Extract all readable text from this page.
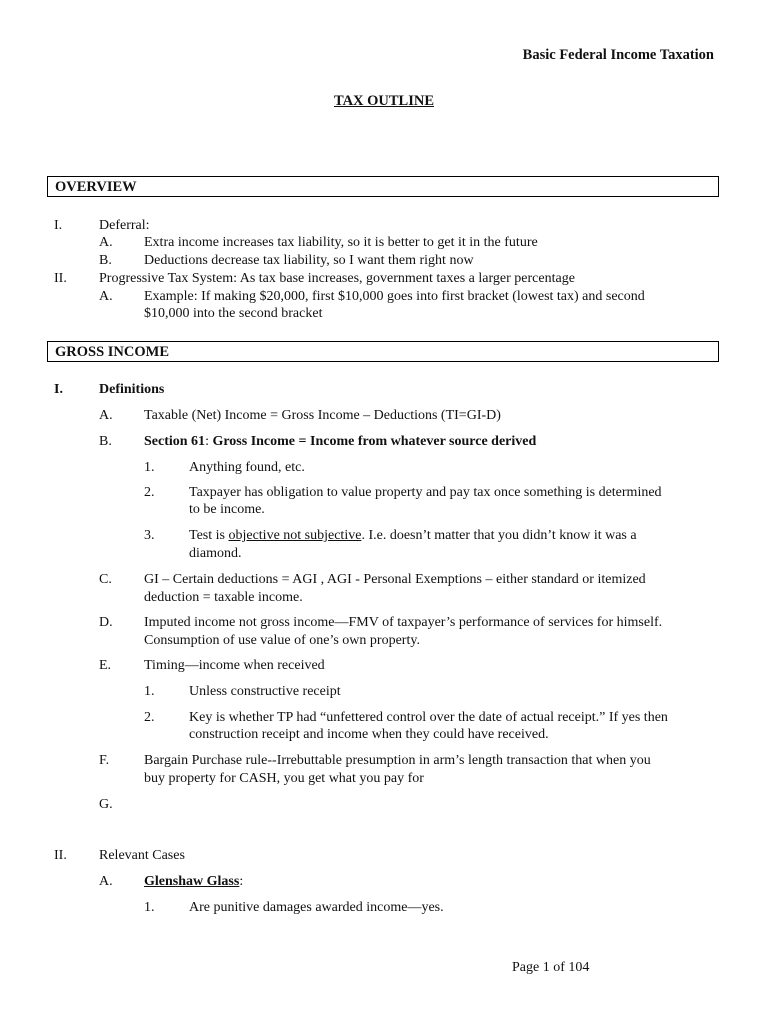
Basic Federal Income Taxation
TAX OUTLINE
OVERVIEW
I.	Deferral:
A. Extra income increases tax liability, so it is better to get it in the future
B. Deductions decrease tax liability, so I want them right now
II. Progressive Tax System: As tax base increases, government taxes a larger percentage
A. Example: If making $20,000, first $10,000 goes into first bracket (lowest tax) and second
$10,000 into the second bracket
GROSS INCOME
I.	Definitions
A. Taxable (Net) Income = Gross Income – Deductions (TI=GI-D)
B. Section 61: Gross Income = Income from whatever source derived
1. Anything found, etc.
2. Taxpayer has obligation to value property and pay tax once something is determined
to be income.
3. Test is objective not subjective. I.e. doesn’t matter that you didn’t know it was a
diamond.
C. GI – Certain deductions = AGI , AGI - Personal Exemptions – either standard or itemized
deduction = taxable income.
D. Imputed income not gross income—FMV of taxpayer’s performance of services for himself.
Consumption of use value of one’s own property.
E. Timing—income when received
1. Unless constructive receipt
2. Key is whether TP had “unfettered control over the date of actual receipt.” If yes then
construction receipt and income when they could have received.
F. Bargain Purchase rule--Irrebuttable presumption in arm’s length transaction that when you
buy property for CASH, you get what you pay for
G.
II. Relevant Cases
A. Glenshaw Glass:
1. Are punitive damages awarded income—yes.
Page 1 of 104
